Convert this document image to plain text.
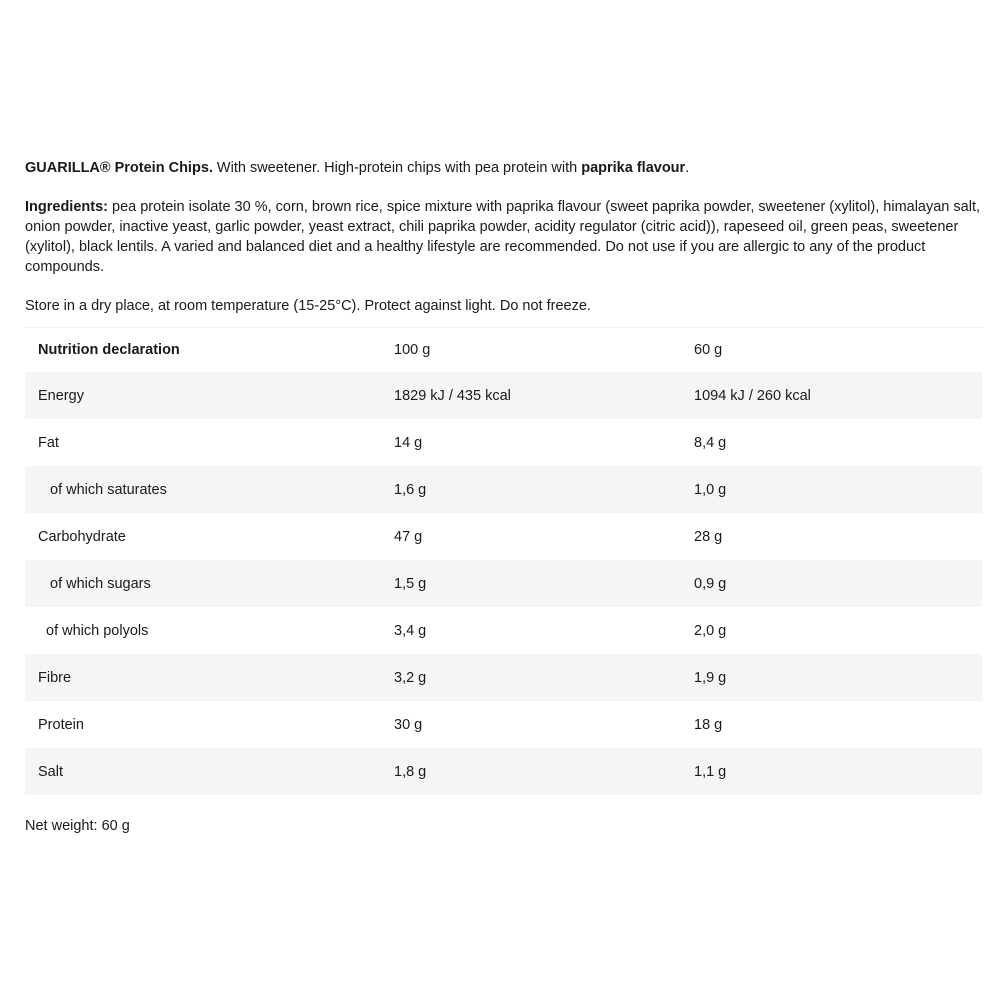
GUARILLA® Protein Chips. With sweetener. High-protein chips with pea protein with paprika flavour.

Ingredients: pea protein isolate 30 %, corn, brown rice, spice mixture with paprika flavour (sweet paprika powder, sweetener (xylitol), himalayan salt, onion powder, inactive yeast, garlic powder, yeast extract, chili paprika powder, acidity regulator (citric acid)), rapeseed oil, green peas, sweetener (xylitol), black lentils. A varied and balanced diet and a healthy lifestyle are recommended. Do not use if you are allergic to any of the product compounds.

Store in a dry place, at room temperature (15-25°C). Protect against light. Do not freeze.

Nutrition declaration	100 g	60 g
Energy	1829 kJ / 435 kcal	1094 kJ / 260 kcal
Fat	14 g	8,4 g
of which saturates	1,6 g	1,0 g
Carbohydrate	47 g	28 g
of which sugars	1,5 g	0,9 g
of which polyols	3,4 g	2,0 g
Fibre	3,2 g	1,9 g
Protein	30 g	18 g
Salt	1,8 g	1,1 g

Net weight: 60 g
